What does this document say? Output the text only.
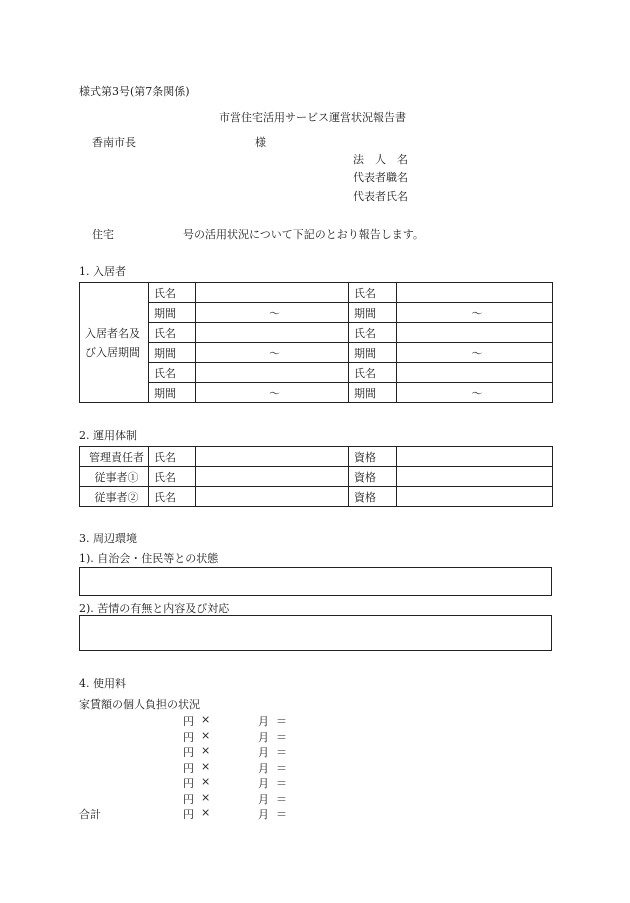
様式第3号(第7条関係)
市営住宅活用サービス運営状況報告書
香南市長	様
法　人　名
代表者職名
代表者氏名
住宅	号の活用状況について下記のとおり報告します。
1. 入居者
入居者名及
び入居期間	氏名		氏名	
	期間	〜	期間	〜
	氏名		氏名	
	期間	〜	期間	〜
	氏名		氏名	
	期間	〜	期間	〜
2. 運用体制
管理責任者	氏名		資格	
従事者①	氏名		資格	
従事者②	氏名		資格	
3. 周辺環境
1). 自治会・住民等との状態
2). 苦情の有無と内容及び対応
4. 使用料
家賃額の個人負担の状況
円 ×	月 ＝
円 ×	月 ＝
円 ×	月 ＝
円 ×	月 ＝
円 ×	月 ＝
円 ×	月 ＝
合計	円 ×	月 ＝
